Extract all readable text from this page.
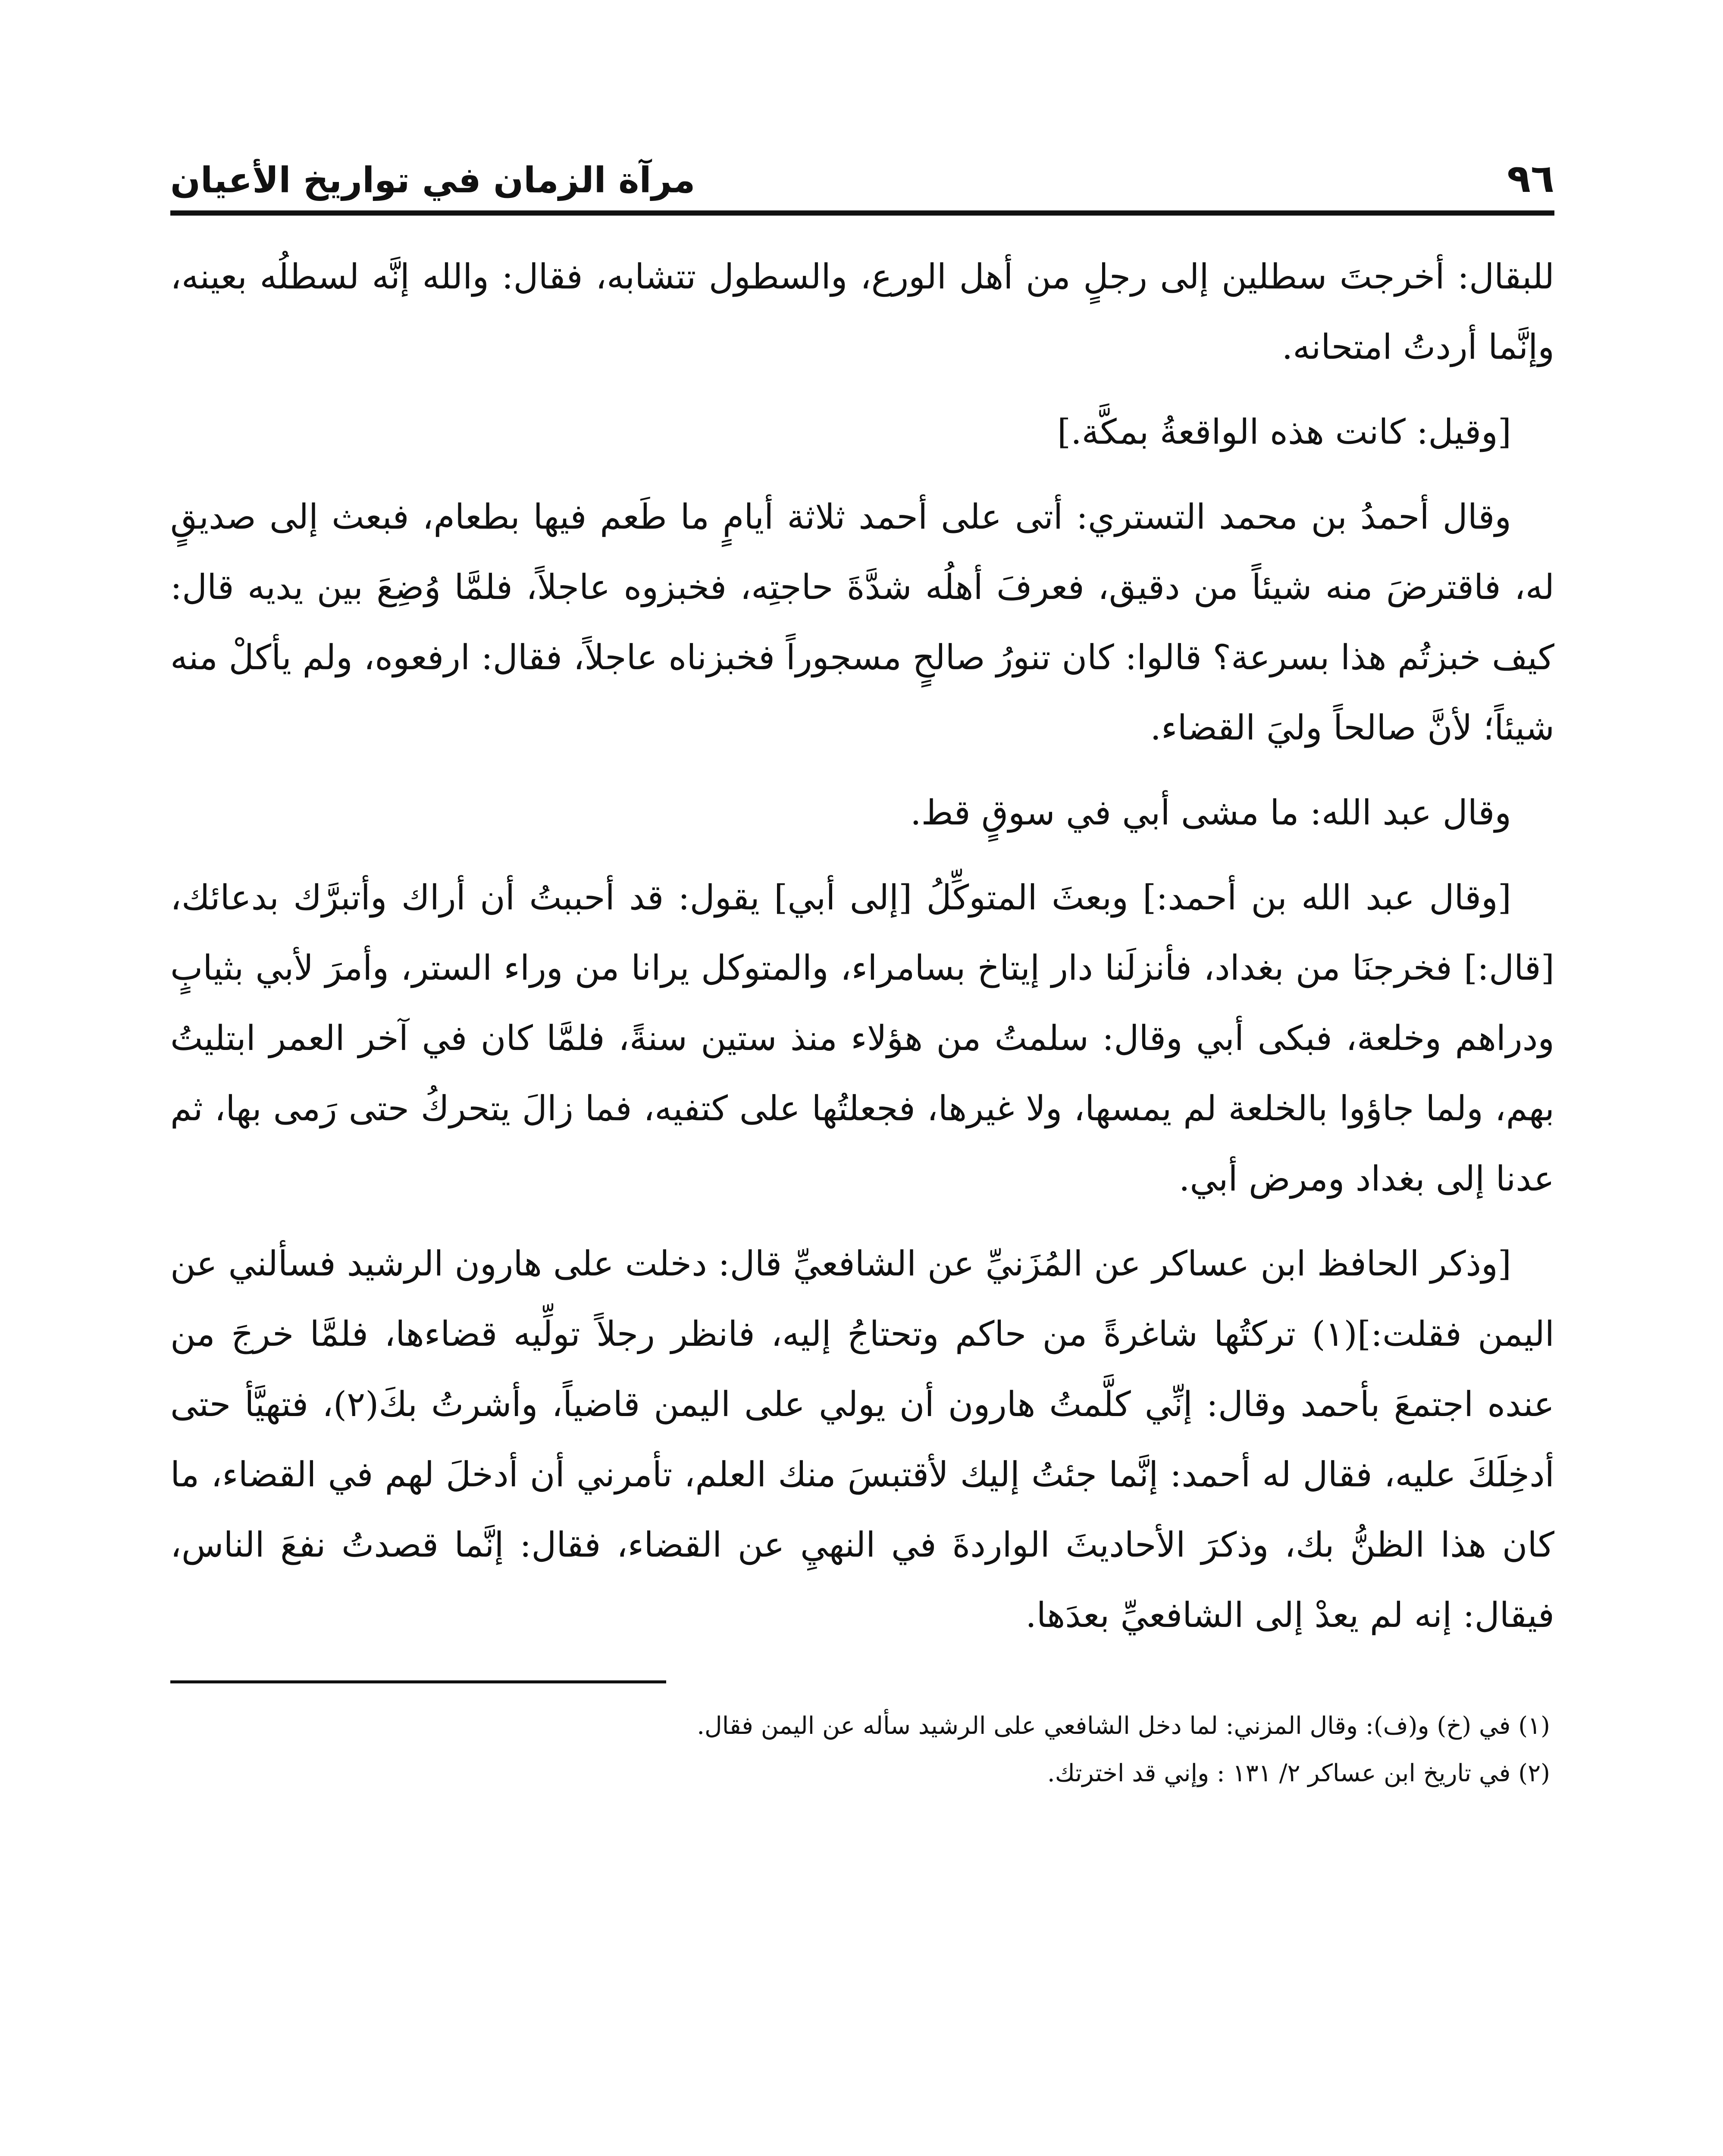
٩٦
مرآة الزمان في تواريخ الأعيان

للبقال: أخرجتَ سطلين إلى رجلٍ من أهل الورع، والسطول تتشابه، فقال: والله إنَّه لسطلُه بعينه، وإنَّما أردتُ امتحانه.

[وقيل: كانت هذه الواقعةُ بمكَّة.]

وقال أحمدُ بن محمد التستري: أتى على أحمد ثلاثة أيامٍ ما طَعم فيها بطعام، فبعث إلى صديقٍ له، فاقترضَ منه شيئاً من دقيق، فعرفَ أهلُه شدَّةَ حاجتِه، فخبزوه عاجلاً، فلمَّا وُضِعَ بين يديه قال: كيف خبزتُم هذا بسرعة؟ قالوا: كان تنورُ صالحٍ مسجوراً فخبزناه عاجلاً، فقال: ارفعوه، ولم يأكلْ منه شيئاً؛ لأنَّ صالحاً وليَ القضاء.

وقال عبد الله: ما مشى أبي في سوقٍ قط.

[وقال عبد الله بن أحمد:] وبعثَ المتوكِّلُ [إلى أبي] يقول: قد أحببتُ أن أراك وأتبرَّك بدعائك، [قال:] فخرجنَا من بغداد، فأنزلَنا دار إيتاخ بسامراء، والمتوكل يرانا من وراء الستر، وأمرَ لأبي بثيابٍ ودراهم وخلعة، فبكى أبي وقال: سلمتُ من هؤلاء منذ ستين سنةً، فلمَّا كان في آخر العمر ابتليتُ بهم، ولما جاؤوا بالخلعة لم يمسها، ولا غيرها، فجعلتُها على كتفيه، فما زالَ يتحركُ حتى رَمى بها، ثم عدنا إلى بغداد ومرض أبي.

[وذكر الحافظ ابن عساكر عن المُزَنيِّ عن الشافعيِّ قال: دخلت على هارون الرشيد فسألني عن اليمن فقلت:](١) تركتُها شاغرةً من حاكم وتحتاجُ إليه، فانظر رجلاً تولِّيه قضاءها، فلمَّا خرجَ من عنده اجتمعَ بأحمد وقال: إنِّي كلَّمتُ هارون أن يولي على اليمن قاضياً، وأشرتُ بكَ(٢)، فتهيَّأ حتى أدخِلَكَ عليه، فقال له أحمد: إنَّما جئتُ إليك لأقتبسَ منك العلم، تأمرني أن أدخلَ لهم في القضاء، ما كان هذا الظنُّ بك، وذكرَ الأحاديثَ الواردةَ في النهيِ عن القضاء، فقال: إنَّما قصدتُ نفعَ الناس، فيقال: إنه لم يعدْ إلى الشافعيِّ بعدَها.

(١) في (خ) و(ف): وقال المزني: لما دخل الشافعي على الرشيد سأله عن اليمن فقال.

(٢) في تاريخ ابن عساكر ٢/ ١٣١ : وإني قد اخترتك.
